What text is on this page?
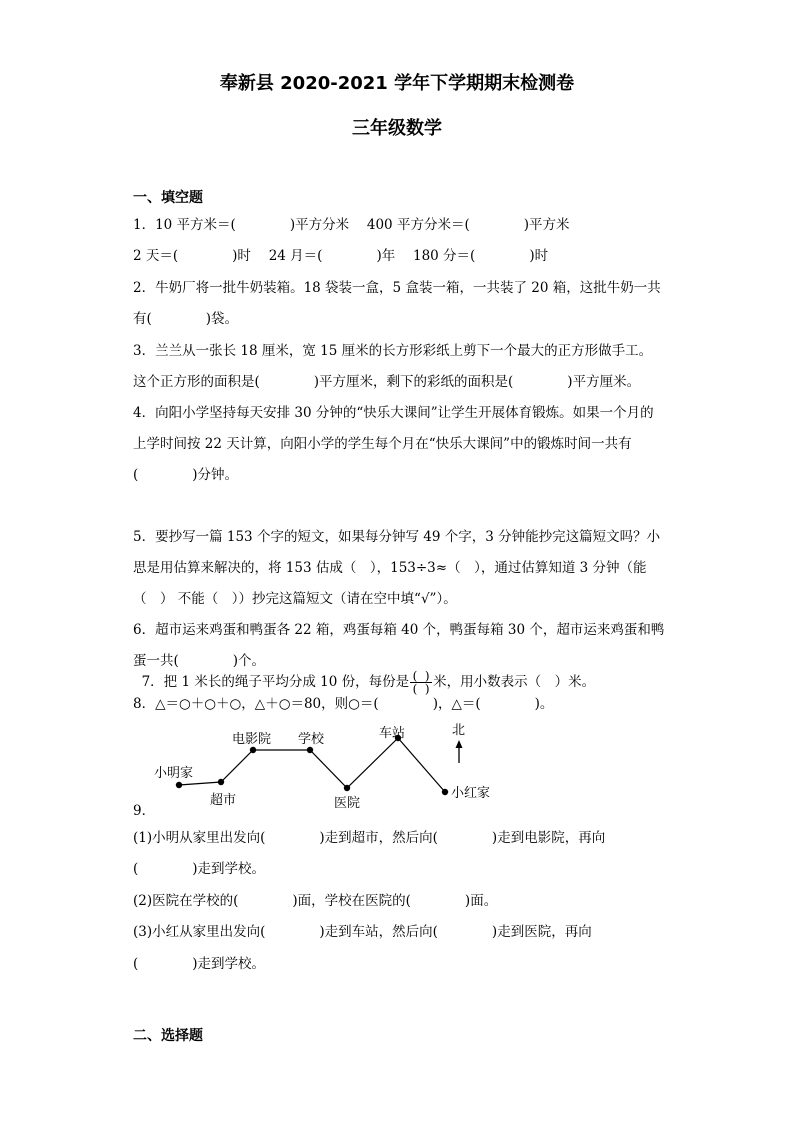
奉新县 2020-2021 学年下学期期末检测卷
三年级数学
一、填空题
1．10 平方米＝(　　　　)平方分米　 400 平方分米＝(　　　　)平方米
2 天＝(　　　　)时　 24 月＝(　　　　)年　 180 分＝(　　　　)时
2．牛奶厂将一批牛奶装箱。18 袋装一盒，5 盒装一箱，一共装了 20 箱，这批牛奶一共
有(　　　　)袋。
3．兰兰从一张长 18 厘米，宽 15 厘米的长方形彩纸上剪下一个最大的正方形做手工。
这个正方形的面积是(　　　　)平方厘米，剩下的彩纸的面积是(　　　　)平方厘米。
4．向阳小学坚持每天安排 30 分钟的“快乐大课间”让学生开展体育锻炼。如果一个月的
上学时间按 22 天计算，向阳小学的学生每个月在“快乐大课间”中的锻炼时间一共有
(　　　　)分钟。
5．要抄写一篇 153 个字的短文，如果每分钟写 49 个字，3 分钟能抄完这篇短文吗？小
思是用估算来解决的，将 153 估成（　），153÷3≈（　），通过估算知道 3 分钟（能
（　） 不能（　））抄完这篇短文（请在空中填“√”）。
6．超市运来鸡蛋和鸭蛋各 22 箱，鸡蛋每箱 40 个，鸭蛋每箱 30 个，超市运来鸡蛋和鸭
蛋一共(　　　　)个。

7．把 1 米长的绳子平均分成 10 份，每份是 $\frac{( )}{( )}$ 米，用小数表示（　）米。

8．△＝○＋○＋○，△＋○＝80，则○＝(　　　　)，△＝(　　　　)。
小明家
超市
电影院 学校
医院
车站
小红家
北
9．
(1)小明从家里出发向(　　　　)走到超市，然后向(　　　　)走到电影院，再向
(　　　　)走到学校。
(2)医院在学校的(　　　　)面，学校在医院的(　　　　)面。
(3)小红从家里出发向(　　　　)走到车站，然后向(　　　　)走到医院，再向
(　　　　)走到学校。
二、选择题
